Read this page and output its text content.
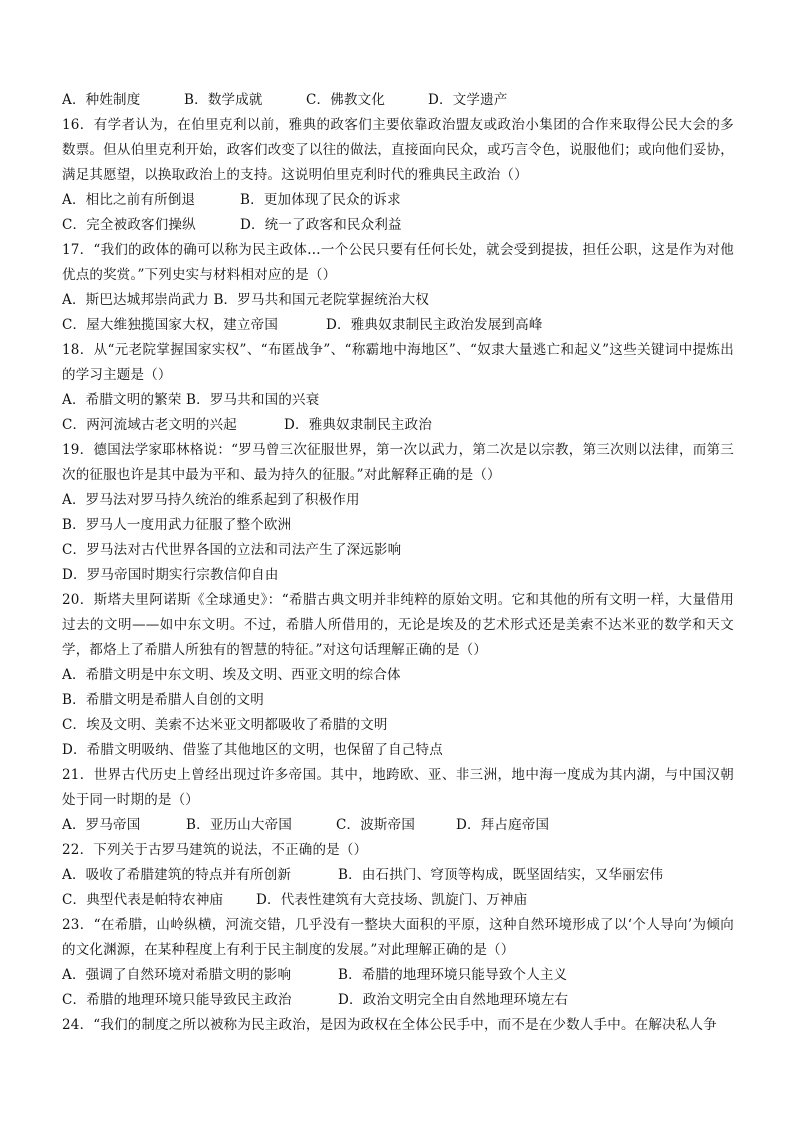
A．种姓制度	B．数学成就	C．佛教文化	D．文学遗产
16．有学者认为，在伯里克利以前，雅典的政客们主要依靠政治盟友或政治小集团的合作来取得公民大会的多数票。但从伯里克利开始，政客们改变了以往的做法，直接面向民众，或巧言令色，说服他们；或向他们妥协，满足其愿望，以换取政治上的支持。这说明伯里克利时代的雅典民主政治（）
A．相比之前有所倒退	B．更加体现了民众的诉求
C．完全被政客们操纵	D．统一了政客和民众利益
17．“我们的政体的确可以称为民主政体…一个公民只要有任何长处，就会受到提拔，担任公职，这是作为对他优点的奖赏。”下列史实与材料相对应的是（）
A．斯巴达城邦崇尚武力 B．罗马共和国元老院掌握统治大权
C．屋大维独揽国家大权，建立帝国	D．雅典奴隶制民主政治发展到高峰
18．从“元老院掌握国家实权”、“布匿战争”、“称霸地中海地区”、“奴隶大量逃亡和起义”这些关键词中提炼出的学习主题是（）
A．希腊文明的繁荣 B．罗马共和国的兴衰
C．两河流域古老文明的兴起	D．雅典奴隶制民主政治
19．德国法学家耶林格说：“罗马曾三次征服世界，第一次以武力，第二次是以宗教，第三次则以法律，而第三次的征服也许是其中最为平和、最为持久的征服。”对此解释正确的是（）
A．罗马法对罗马持久统治的维系起到了积极作用
B．罗马人一度用武力征服了整个欧洲
C．罗马法对古代世界各国的立法和司法产生了深远影响
D．罗马帝国时期实行宗教信仰自由
20．斯塔夫里阿诺斯《全球通史》：“希腊古典文明并非纯粹的原始文明。它和其他的所有文明一样，大量借用过去的文明——如中东文明。不过，希腊人所借用的，无论是埃及的艺术形式还是美索不达米亚的数学和天文学，都烙上了希腊人所独有的智慧的特征。”对这句话理解正确的是（）
A．希腊文明是中东文明、埃及文明、西亚文明的综合体
B．希腊文明是希腊人自创的文明
C．埃及文明、美索不达米亚文明都吸收了希腊的文明
D．希腊文明吸纳、借鉴了其他地区的文明，也保留了自己特点
21．世界古代历史上曾经出现过许多帝国。其中，地跨欧、亚、非三洲，地中海一度成为其内湖，与中国汉朝处于同一时期的是（）
A．罗马帝国	B．亚历山大帝国	C．波斯帝国	D．拜占庭帝国
22．下列关于古罗马建筑的说法，不正确的是（）
A．吸收了希腊建筑的特点并有所创新	B．由石拱门、穹顶等构成，既坚固结实，又华丽宏伟
C．典型代表是帕特农神庙 D．代表性建筑有大竞技场、凯旋门、万神庙
23．“在希腊，山岭纵横，河流交错，几乎没有一整块大面积的平原，这种自然环境形成了以‘个人导向’为倾向的文化渊源，在某种程度上有利于民主制度的发展。”对此理解正确的是（）
A．强调了自然环境对希腊文明的影响	B．希腊的地理环境只能导致个人主义
C．希腊的地理环境只能导致民主政治	D．政治文明完全由自然地理环境左右
24．“我们的制度之所以被称为民主政治，是因为政权在全体公民手中，而不是在少数人手中。在解决私人争
